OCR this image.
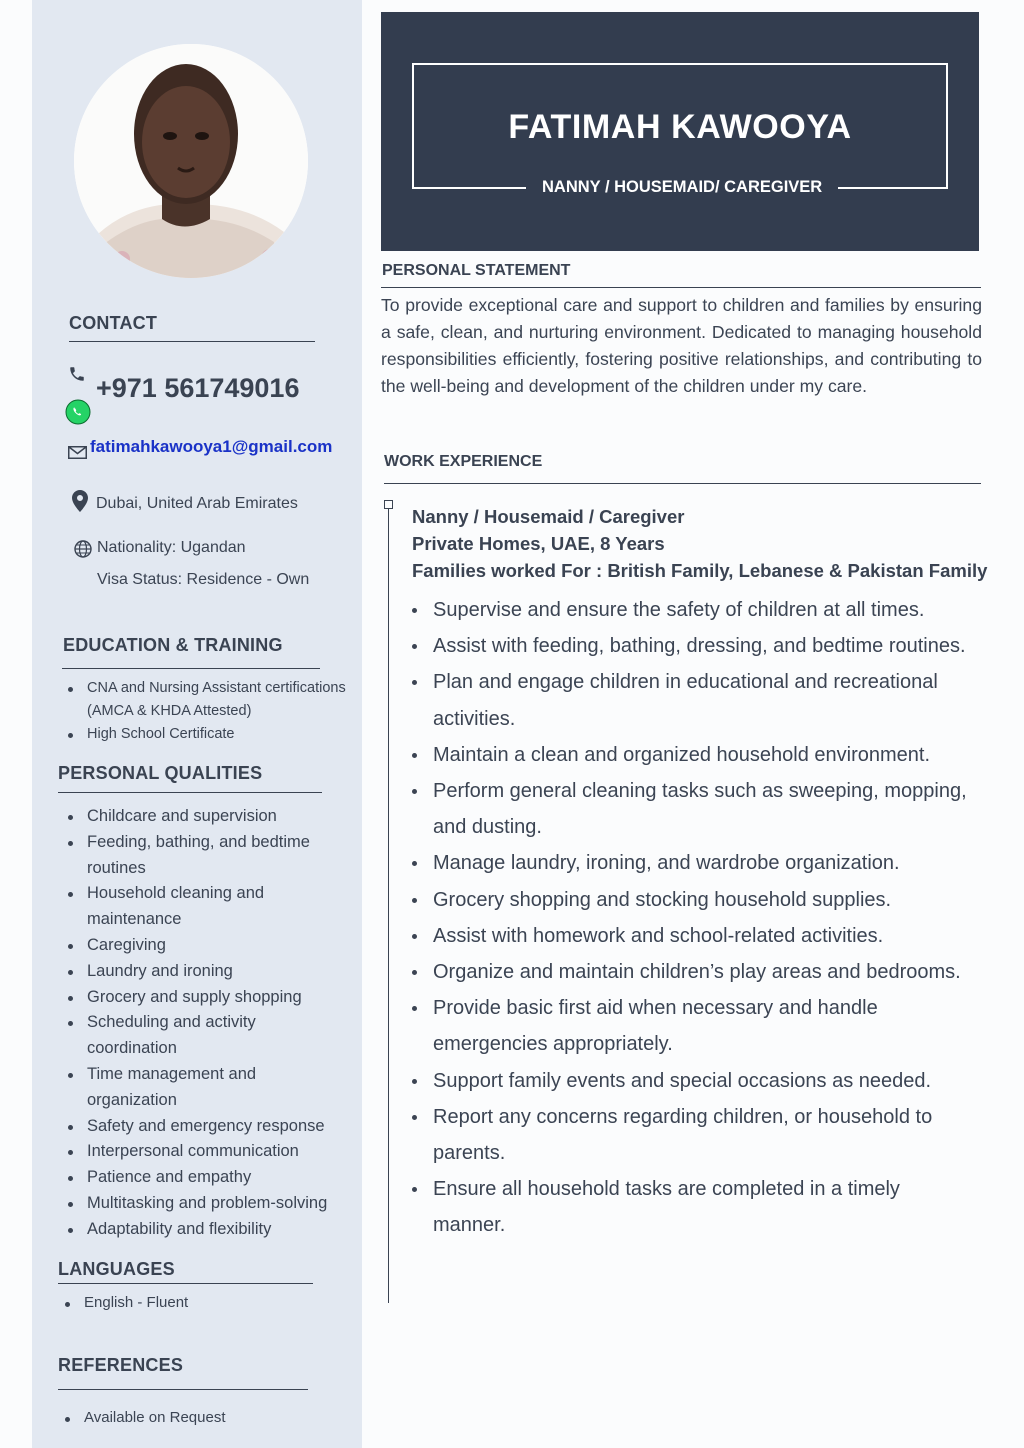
CONTACT
+971 561749016
fatimahkawooya1@gmail.com
Dubai, United Arab Emirates
Nationality: Ugandan
Visa Status: Residence - Own
EDUCATION & TRAINING
CNA and Nursing Assistant certifications (AMCA & KHDA Attested)
High School Certificate
PERSONAL QUALITIES
Childcare and supervision
Feeding, bathing, and bedtime routines
Household cleaning and maintenance
Caregiving
Laundry and ironing
Grocery and supply shopping
Scheduling and activity coordination
Time management and organization
Safety and emergency response
Interpersonal communication
Patience and empathy
Multitasking and problem-solving
Adaptability and flexibility
LANGUAGES
English - Fluent
REFERENCES
Available on Request
FATIMAH KAWOOYA
NANNY / HOUSEMAID/ CAREGIVER
PERSONAL STATEMENT
To provide exceptional care and support to children and families by ensuring a safe, clean, and nurturing environment. Dedicated to managing household responsibilities efficiently, fostering positive relationships, and contributing to the well-being and development of the children under my care.
WORK EXPERIENCE
Nanny / Housemaid / Caregiver
Private Homes, UAE, 8 Years
Families worked For : British Family, Lebanese & Pakistan Family
Supervise and ensure the safety of children at all times.
Assist with feeding, bathing, dressing, and bedtime routines.
Plan and engage children in educational and recreational activities.
Maintain a clean and organized household environment.
Perform general cleaning tasks such as sweeping, mopping, and dusting.
Manage laundry, ironing, and wardrobe organization.
Grocery shopping and stocking household supplies.
Assist with homework and school-related activities.
Organize and maintain children’s play areas and bedrooms.
Provide basic first aid when necessary and handle emergencies appropriately.
Support family events and special occasions as needed.
Report any concerns regarding children, or household to parents.
Ensure all household tasks are completed in a timely manner.
